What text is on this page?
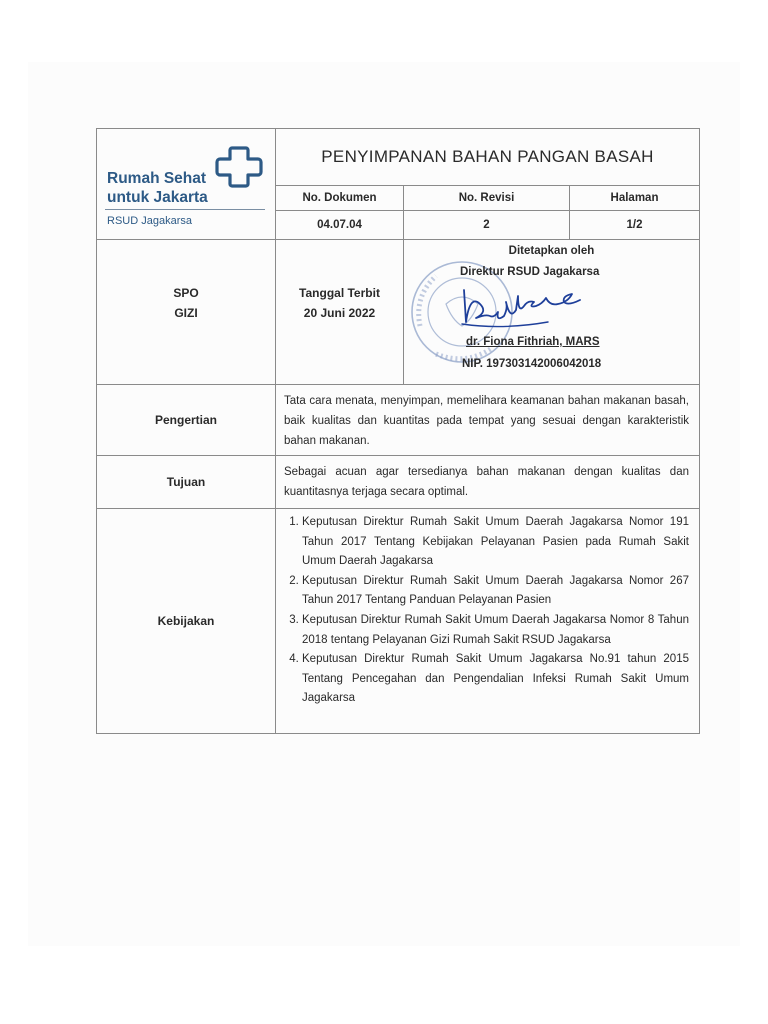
Rumah Sehat
untuk Jakarta
RSUD Jagakarsa
PENYIMPANAN BAHAN PANGAN BASAH
No. Dokumen
04.07.04
No. Revisi
2
Halaman
1/2
SPO
GIZI
Tanggal Terbit
20 Juni 2022
Ditetapkan oleh
Direktur RSUD Jagakarsa
dr. Fiona Fithriah, MARS
NIP. 197303142006042018
Pengertian
Tata cara menata, menyimpan, memelihara keamanan bahan makanan basah, baik kualitas dan kuantitas pada tempat yang sesuai dengan karakteristik bahan makanan.
Tujuan
Sebagai acuan agar tersedianya bahan makanan dengan kualitas dan kuantitasnya terjaga secara optimal.
Kebijakan
1. Keputusan Direktur Rumah Sakit Umum Daerah Jagakarsa Nomor 191 Tahun 2017 Tentang Kebijakan Pelayanan Pasien pada Rumah Sakit Umum Daerah Jagakarsa
2. Keputusan Direktur Rumah Sakit Umum Daerah Jagakarsa Nomor 267 Tahun 2017 Tentang Panduan Pelayanan Pasien
3. Keputusan Direktur Rumah Sakit Umum Daerah Jagakarsa Nomor 8 Tahun 2018 tentang Pelayanan Gizi Rumah Sakit RSUD Jagakarsa
4. Keputusan Direktur Rumah Sakit Umum Jagakarsa No.91 tahun 2015 Tentang Pencegahan dan Pengendalian Infeksi Rumah Sakit Umum Jagakarsa
